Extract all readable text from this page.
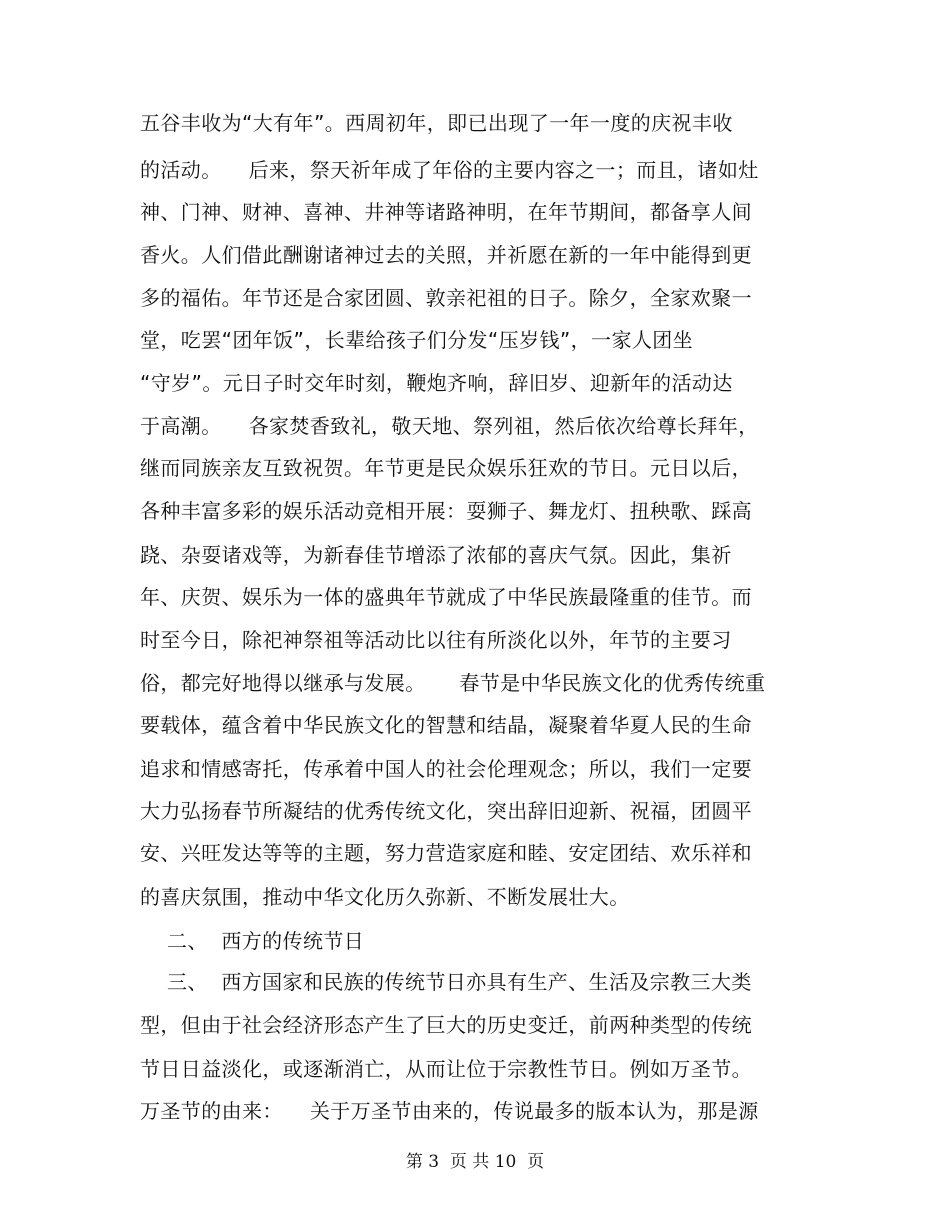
五谷丰收为“大有年”。西周初年，即已出现了一年一度的庆祝丰收
的活动。    后来，祭天祈年成了年俗的主要内容之一；而且，诸如灶
神、门神、财神、喜神、井神等诸路神明，在年节期间，都备享人间
香火。人们借此酬谢诸神过去的关照，并祈愿在新的一年中能得到更
多的福佑。年节还是合家团圆、敦亲祀祖的日子。除夕，全家欢聚一
堂，吃罢“团年饭”，长辈给孩子们分发“压岁钱”，一家人团坐
“守岁”。元日子时交年时刻，鞭炮齐响，辞旧岁、迎新年的活动达
于高潮。    各家焚香致礼，敬天地、祭列祖，然后依次给尊长拜年，
继而同族亲友互致祝贺。年节更是民众娱乐狂欢的节日。元日以后，
各种丰富多彩的娱乐活动竞相开展：耍狮子、舞龙灯、扭秧歌、踩高
跷、杂耍诸戏等，为新春佳节增添了浓郁的喜庆气氛。因此，集祈
年、庆贺、娱乐为一体的盛典年节就成了中华民族最隆重的佳节。而
时至今日，除祀神祭祖等活动比以往有所淡化以外，年节的主要习
俗，都完好地得以继承与发展。     春节是中华民族文化的优秀传统重
要载体，蕴含着中华民族文化的智慧和结晶，凝聚着华夏人民的生命
追求和情感寄托，传承着中国人的社会伦理观念；所以，我们一定要
大力弘扬春节所凝结的优秀传统文化，突出辞旧迎新、祝福，团圆平
安、兴旺发达等等的主题，努力营造家庭和睦、安定团结、欢乐祥和
的喜庆氛围，推动中华文化历久弥新、不断发展壮大。
二、  西方的传统节日
三、  西方国家和民族的传统节日亦具有生产、生活及宗教三大类
型，但由于社会经济形态产生了巨大的历史变迁，前两种类型的传统
节日日益淡化，或逐渐消亡，从而让位于宗教性节日。例如万圣节。
万圣节的由来：    关于万圣节由来的，传说最多的版本认为，那是源
第 3  页 共 10  页
